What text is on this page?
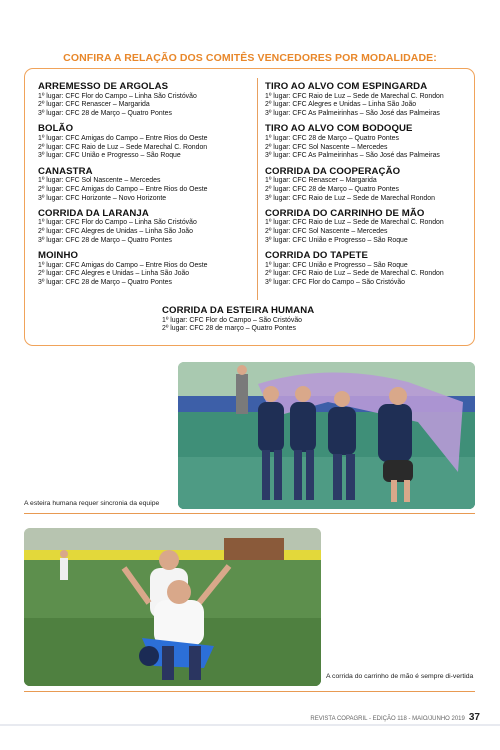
CONFIRA A RELAÇÃO DOS COMITÊS VENCEDORES POR MODALIDADE:
ARREMESSO DE ARGOLAS
1º lugar: CFC Flor do Campo – Linha São Cristóvão
2º lugar: CFC Renascer – Margarida
3º lugar: CFC 28 de Março – Quatro Pontes
BOLÃO
1º lugar: CFC Amigas do Campo – Entre Rios do Oeste
2º lugar: CFC Raio de Luz – Sede Marechal C. Rondon
3º lugar: CFC União e Progresso – São Roque
CANASTRA
1º lugar: CFC Sol Nascente – Mercedes
2º lugar: CFC Amigas do Campo – Entre Rios do Oeste
3º lugar: CFC Horizonte – Novo Horizonte
CORRIDA DA LARANJA
1º lugar: CFC Flor do Campo – Linha São Cristóvão
2º lugar: CFC Alegres de Unidas – Linha São João
3º lugar: CFC 28 de Março – Quatro Pontes
MOINHO
1º lugar: CFC Amigas do Campo – Entre Rios do Oeste
2º lugar: CFC Alegres e Unidas – Linha São João
3º lugar: CFC 28 de Março – Quatro Pontes
TIRO AO ALVO COM ESPINGARDA
1º lugar: CFC Raio de Luz – Sede de Marechal C. Rondon
2º lugar: CFC Alegres e Unidas – Linha São João
3º lugar: CFC As Palmeirinhas – São José das Palmeiras
TIRO AO ALVO COM BODOQUE
1º lugar: CFC 28 de Março – Quatro Pontes
2º lugar: CFC Sol Nascente – Mercedes
3º lugar: CFC As Palmeirinhas – São José das Palmeiras
CORRIDA DA COOPERAÇÃO
1º lugar: CFC Renascer – Margarida
2º lugar: CFC 28 de Março – Quatro Pontes
3º lugar: CFC Raio de Luz – Sede de Marechal Rondon
CORRIDA DO CARRINHO DE MÃO
1º lugar: CFC Raio de Luz – Sede de Marechal C. Rondon
2º lugar: CFC Sol Nascente – Mercedes
3º lugar: CFC União e Progresso – São Roque
CORRIDA DO TAPETE
1º lugar: CFC União e Progresso – São Roque
2º lugar: CFC Raio de Luz – Sede de Marechal C. Rondon
3º lugar: CFC Flor do Campo – São Cristóvão
CORRIDA DA ESTEIRA HUMANA
1º lugar: CFC Flor do Campo – São Cristóvão
2º lugar: CFC 28 de março – Quatro Pontes
A esteira humana requer sincronia da equipe
A corrida do carrinho de mão é sempre di-vertida
REVISTA COPAGRIL - EDIÇÃO 118 - MAIO/JUNHO 2019 37
